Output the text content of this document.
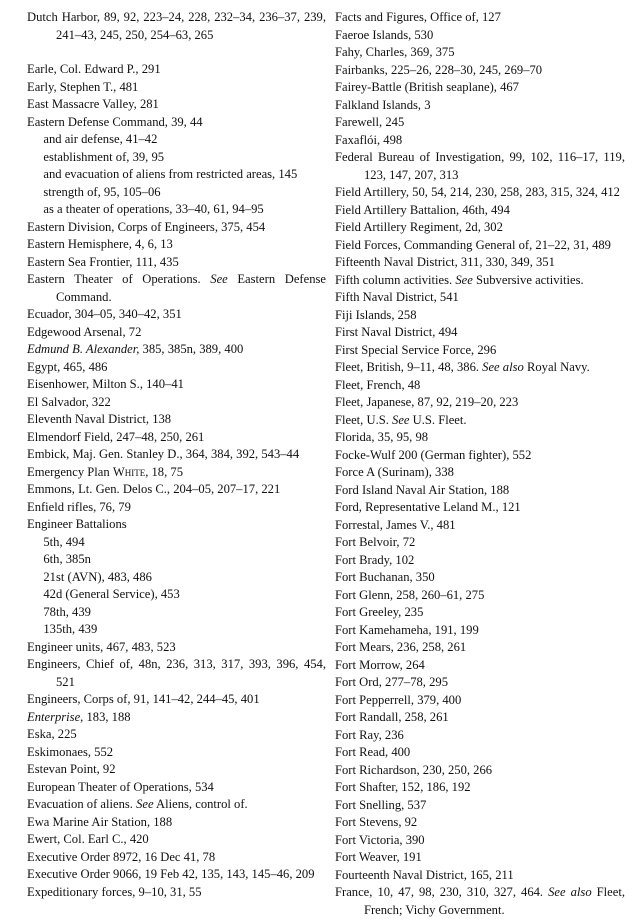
Dutch Harbor, 89, 92, 223–24, 228, 232–34, 236–37, 239, 241–43, 245, 250, 254–63, 265

Earle, Col. Edward P., 291

Early, Stephen T., 481

East Massacre Valley, 281

Eastern Defense Command, 39, 44

and air defense, 41–42

establishment of, 39, 95

and evacuation of aliens from restricted areas, 145

strength of, 95, 105–06

as a theater of operations, 33–40, 61, 94–95

Eastern Division, Corps of Engineers, 375, 454

Eastern Hemisphere, 4, 6, 13

Eastern Sea Frontier, 111, 435

Eastern Theater of Operations. See Eastern Defense Command.

Ecuador, 304–05, 340–42, 351

Edgewood Arsenal, 72

Edmund B. Alexander, 385, 385n, 389, 400

Egypt, 465, 486

Eisenhower, Milton S., 140–41

El Salvador, 322

Eleventh Naval District, 138

Elmendorf Field, 247–48, 250, 261

Embick, Maj. Gen. Stanley D., 364, 384, 392, 543–44

Emergency Plan White, 18, 75

Emmons, Lt. Gen. Delos C., 204–05, 207–17, 221

Enfield rifles, 76, 79

Engineer Battalions

5th, 494

6th, 385n

21st (AVN), 483, 486

42d (General Service), 453

78th, 439

135th, 439

Engineer units, 467, 483, 523

Engineers, Chief of, 48n, 236, 313, 317, 393, 396, 454, 521

Engineers, Corps of, 91, 141–42, 244–45, 401

Enterprise, 183, 188

Eska, 225

Eskimonaes, 552

Estevan Point, 92

European Theater of Operations, 534

Evacuation of aliens. See Aliens, control of.

Ewa Marine Air Station, 188

Ewert, Col. Earl C., 420

Executive Order 8972, 16 Dec 41, 78

Executive Order 9066, 19 Feb 42, 135, 143, 145–46, 209

Expeditionary forces, 9–10, 31, 55

Facts and Figures, Office of, 127

Faeroe Islands, 530

Fahy, Charles, 369, 375

Fairbanks, 225–26, 228–30, 245, 269–70

Fairey-Battle (British seaplane), 467

Falkland Islands, 3

Farewell, 245

Faxaflói, 498

Federal Bureau of Investigation, 99, 102, 116–17, 119, 123, 147, 207, 313

Field Artillery, 50, 54, 214, 230, 258, 283, 315, 324, 412

Field Artillery Battalion, 46th, 494

Field Artillery Regiment, 2d, 302

Field Forces, Commanding General of, 21–22, 31, 489

Fifteenth Naval District, 311, 330, 349, 351

Fifth column activities. See Subversive activities.

Fifth Naval District, 541

Fiji Islands, 258

First Naval District, 494

First Special Service Force, 296

Fleet, British, 9–11, 48, 386. See also Royal Navy.

Fleet, French, 48

Fleet, Japanese, 87, 92, 219–20, 223

Fleet, U.S. See U.S. Fleet.

Florida, 35, 95, 98

Focke-Wulf 200 (German fighter), 552

Force A (Surinam), 338

Ford Island Naval Air Station, 188

Ford, Representative Leland M., 121

Forrestal, James V., 481

Fort Belvoir, 72

Fort Brady, 102

Fort Buchanan, 350

Fort Glenn, 258, 260–61, 275

Fort Greeley, 235

Fort Kamehameha, 191, 199

Fort Mears, 236, 258, 261

Fort Morrow, 264

Fort Ord, 277–78, 295

Fort Pepperrell, 379, 400

Fort Randall, 258, 261

Fort Ray, 236

Fort Read, 400

Fort Richardson, 230, 250, 266

Fort Shafter, 152, 186, 192

Fort Snelling, 537

Fort Stevens, 92

Fort Victoria, 390

Fort Weaver, 191

Fourteenth Naval District, 165, 211

France, 10, 47, 98, 230, 310, 327, 464. See also Fleet, French; Vichy Government.
